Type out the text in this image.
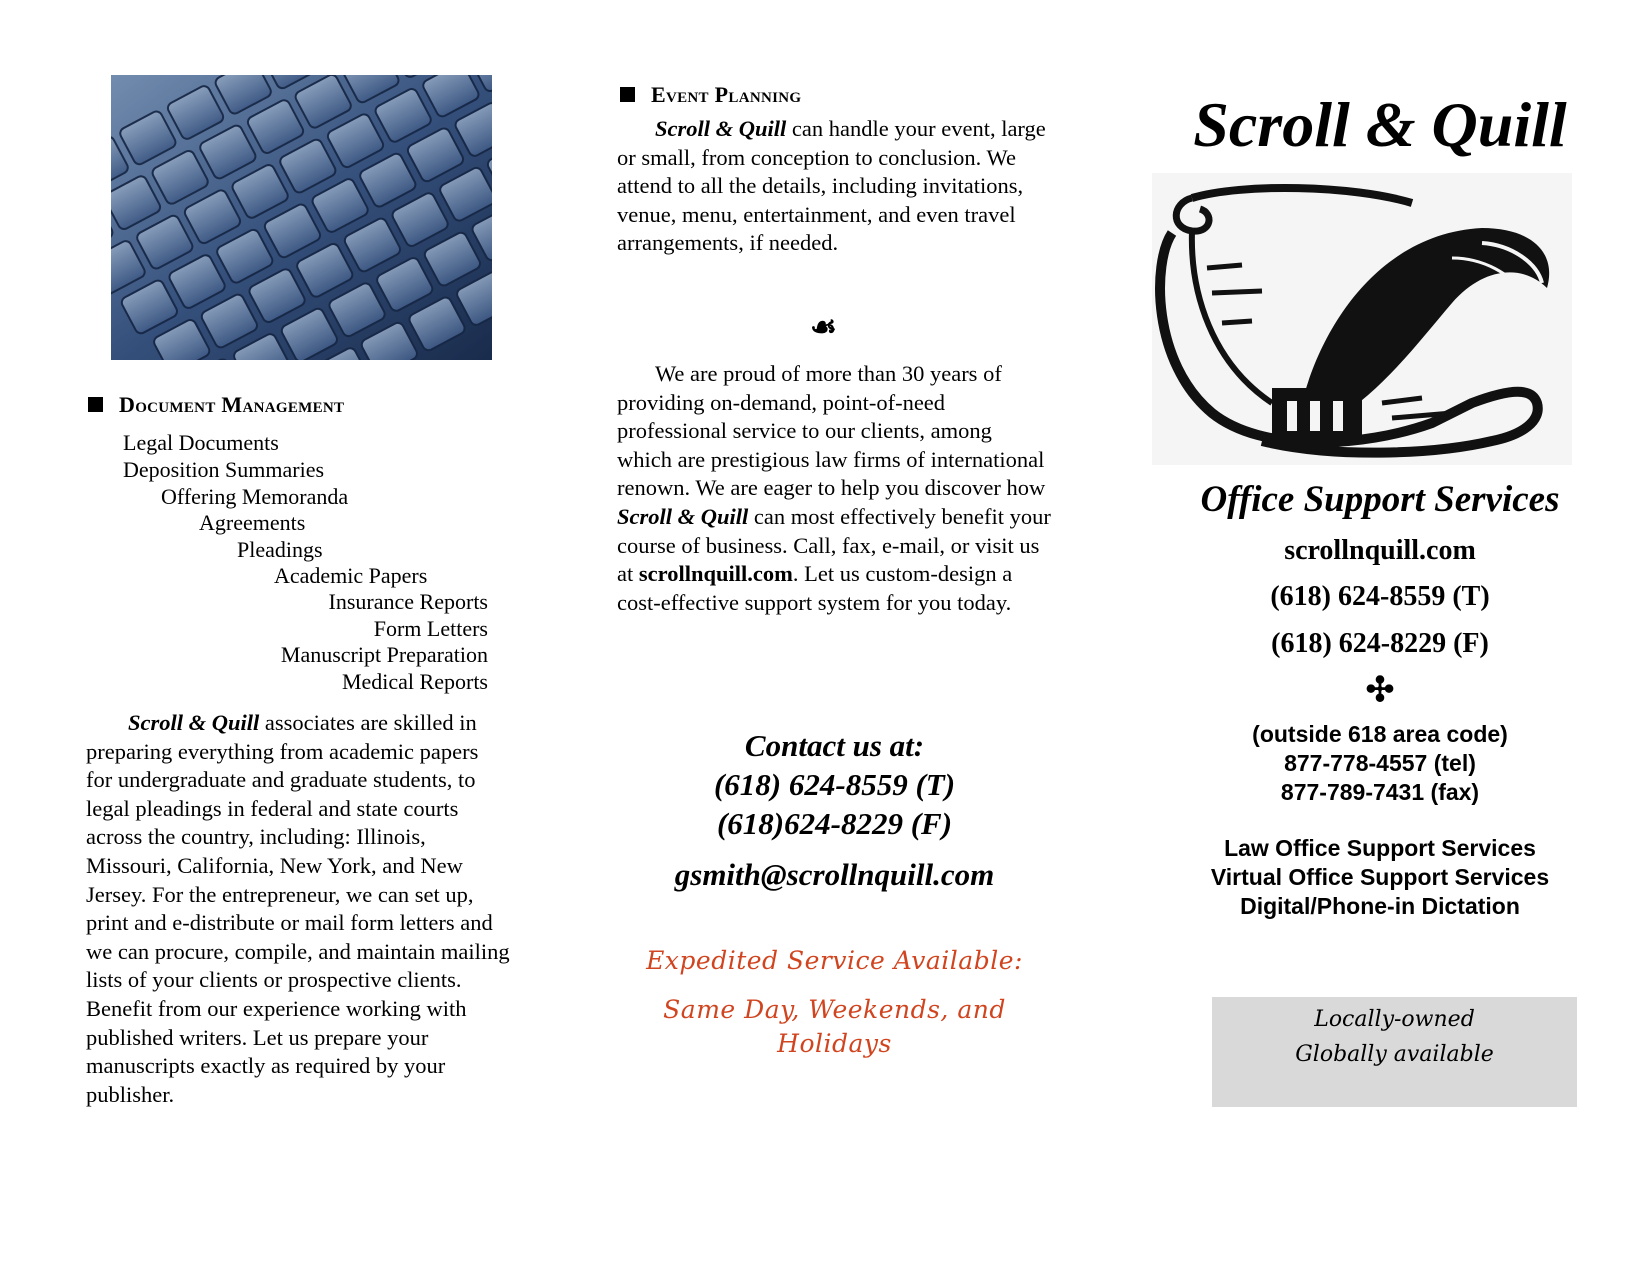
Document Management
Legal Documents
Deposition Summaries
Offering Memoranda
Agreements
Pleadings
Academic Papers
Insurance Reports
Form Letters
Manuscript Preparation
Medical Reports
Scroll & Quill associates are skilled in preparing everything from academic papers for undergraduate and graduate students, to legal pleadings in federal and state courts across the country, including: Illinois, Missouri, California, New York, and New Jersey. For the entrepreneur, we can set up, print and e-distribute or mail form letters and we can procure, compile, and maintain mailing lists of your clients or prospective clients. Benefit from our experience working with published writers. Let us prepare your manuscripts exactly as required by your publisher.
Event Planning
Scroll & Quill can handle your event, large or small, from conception to conclusion. We attend to all the details, including invitations, venue, menu, entertainment, and even travel arrangements, if needed.
☙
We are proud of more than 30 years of providing on-demand, point-of-need professional service to our clients, among which are prestigious law firms of international renown. We are eager to help you discover how Scroll & Quill can most effectively benefit your course of business. Call, fax, e-mail, or visit us at scrollnquill.com. Let us custom-design a cost-effective support system for you today.
Contact us at:
(618) 624-8559 (T)
(618)624-8229 (F)
gsmith@scrollnquill.com
Expedited Service Available:
Same Day, Weekends, and Holidays
Scroll & Quill
Office Support Services
scrollnquill.com
(618) 624-8559 (T)
(618) 624-8229 (F)
✣
(outside 618 area code)
877-778-4557 (tel)
877-789-7431 (fax)
Law Office Support Services
Virtual Office Support Services
Digital/Phone-in Dictation
Locally-owned
Globally available
